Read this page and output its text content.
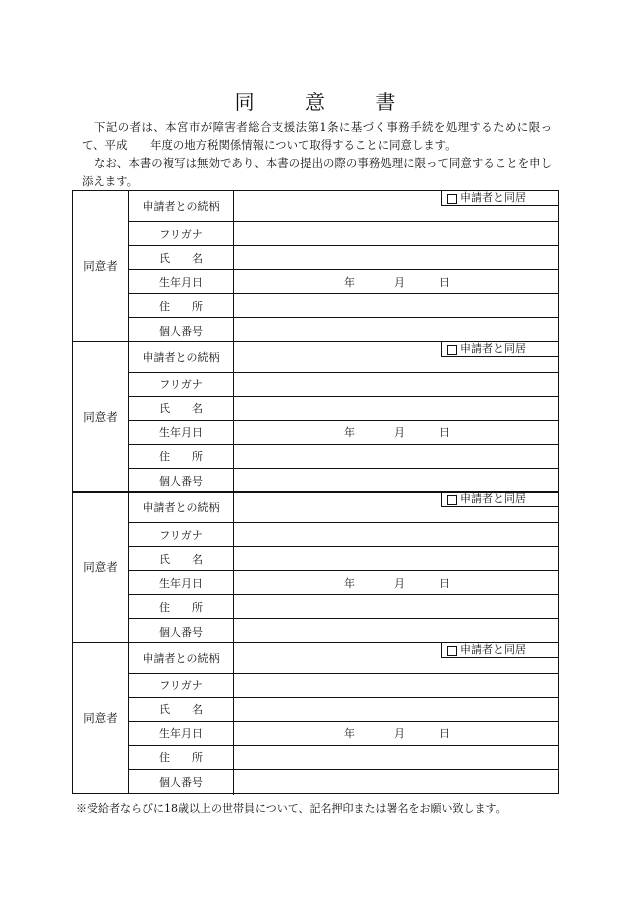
同 意 書
下記の者は、本宮市が障害者総合支援法第1条に基づく事務手続を処理するために限って、平成　　年度の地方税関係情報について取得することに同意します。
なお、本書の複写は無効であり、本書の提出の際の事務処理に限って同意することを申し添えます。
同意者
申請者との続柄
申請者と同居
フリガナ
氏　　名
生年月日	年	月	日
住　　所
個人番号
同意者
申請者との続柄
申請者と同居
フリガナ
氏　　名
生年月日	年	月	日
住　　所
個人番号
同意者
申請者との続柄
申請者と同居
フリガナ
氏　　名
生年月日	年	月	日
住　　所
個人番号
同意者
申請者との続柄
申請者と同居
フリガナ
氏　　名
生年月日	年	月	日
住　　所
個人番号
※受給者ならびに18歳以上の世帯員について、記名押印または署名をお願い致します。
